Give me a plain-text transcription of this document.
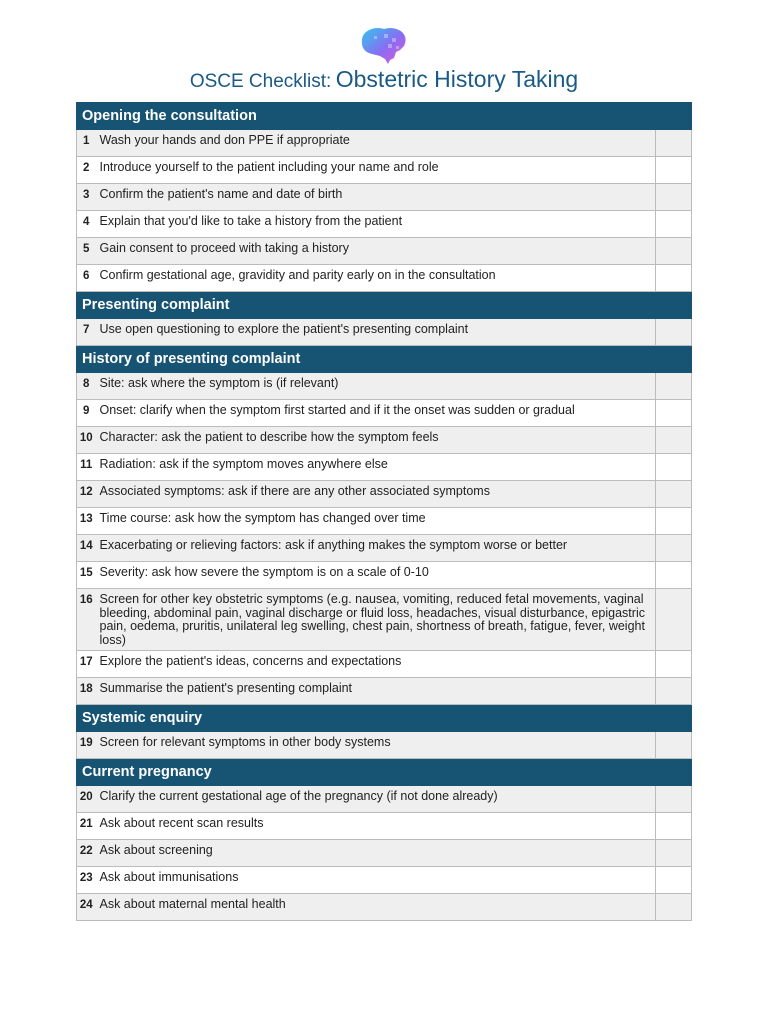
OSCE Checklist: Obstetric History Taking
Opening the consultation		
1	Wash your hands and don PPE if appropriate	
2	Introduce yourself to the patient including your name and role	
3	Confirm the patient's name and date of birth	
4	Explain that you'd like to take a history from the patient	
5	Gain consent to proceed with taking a history	
6	Confirm gestational age, gravidity and parity early on in the consultation	
Presenting complaint		
7	Use open questioning to explore the patient's presenting complaint	
History of presenting complaint		
8	Site: ask where the symptom is (if relevant)	
9	Onset: clarify when the symptom first started and if it the onset was sudden or gradual	
10	Character: ask the patient to describe how the symptom feels	
11	Radiation: ask if the symptom moves anywhere else	
12	Associated symptoms: ask if there are any other associated symptoms	
13	Time course: ask how the symptom has changed over time	
14	Exacerbating or relieving factors: ask if anything makes the symptom worse or better	
15	Severity: ask how severe the symptom is on a scale of 0-10	
16	Screen for other key obstetric symptoms (e.g. nausea, vomiting, reduced fetal movements, vaginal bleeding, abdominal pain, vaginal discharge or fluid loss, headaches, visual disturbance, epigastric pain, oedema, pruritis, unilateral leg swelling, chest pain, shortness of breath, fatigue, fever, weight loss)	
17	Explore the patient's ideas, concerns and expectations	
18	Summarise the patient's presenting complaint	
Systemic enquiry		
19	Screen for relevant symptoms in other body systems	
Current pregnancy		
20	Clarify the current gestational age of the pregnancy (if not done already)	
21	Ask about recent scan results	
22	Ask about screening	
23	Ask about immunisations	
24	Ask about maternal mental health	
